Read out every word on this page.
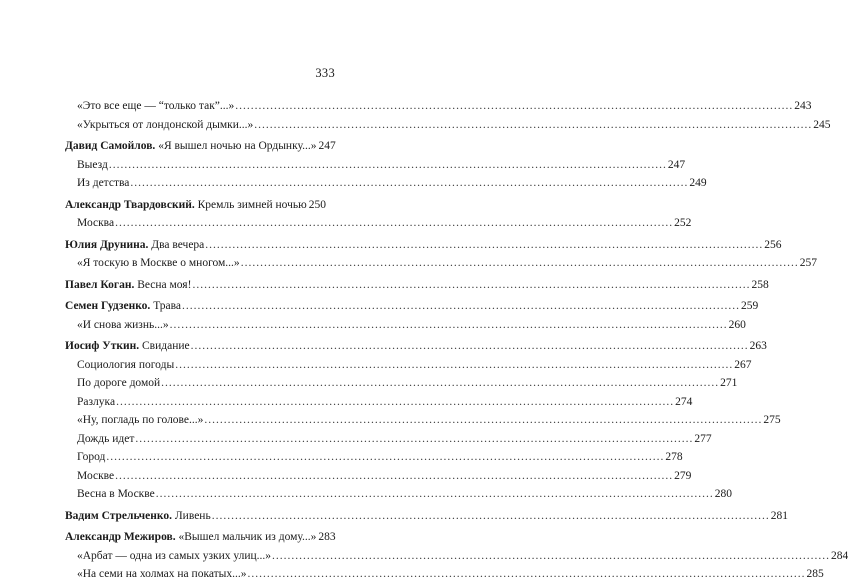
333
«Это все еще — “только так”...» .....	243
«Укрыться от лондонской дымки...» .....	245
Давид Самойлов. «Я вышел ночью на Ордынку...» 247
Выезд .....	247
Из детства .....	249
Александр Твардовский. Кремль зимней ночью 250
Москва .....	252
Юлия Друнина. Два вечера .....	256
«Я тоскую в Москве о многом...» .....	257
Павел Коган. Весна моя! .....	258
Семен Гудзенко. Трава .....	259
«И снова жизнь...» .....	260
Иосиф Уткин. Свидание .....	263
Социология погоды .....	267
По дороге домой .....	271
Разлука .....	274
«Ну, погладь по голове...» .....	275
Дождь идет .....	277
Город .....	278
Москве .....	279
Весна в Москве .....	280
Вадим Стрельченко. Ливень .....	281
Александр Межиров. «Вышел мальчик из дому...» 283
«Арбат — одна из самых узких улиц...» .....	284
«На семи на холмах на покатых...» .....	285
